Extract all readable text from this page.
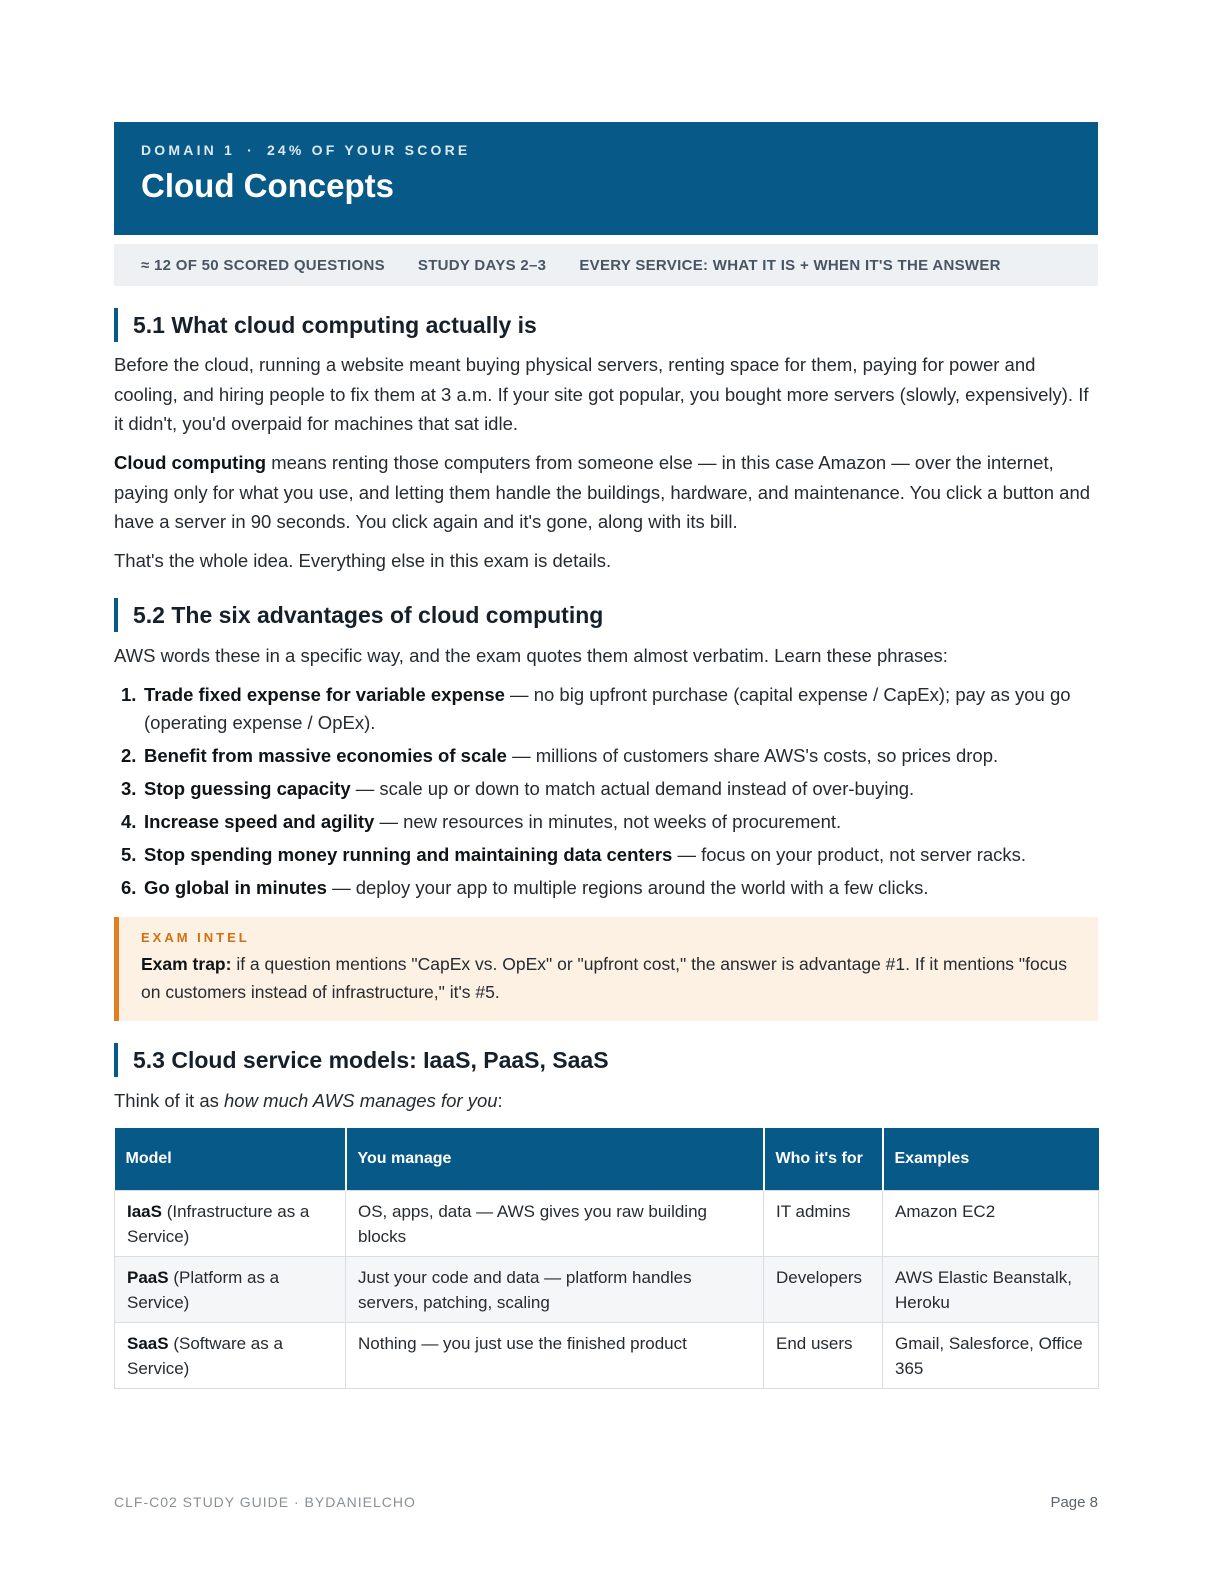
DOMAIN 1 · 24% OF YOUR SCORE
Cloud Concepts
≈ 12 OF 50 SCORED QUESTIONS STUDY DAYS 2–3 EVERY SERVICE: WHAT IT IS + WHEN IT'S THE ANSWER
5.1 What cloud computing actually is

Before the cloud, running a website meant buying physical servers, renting space for them, paying for power and cooling, and hiring people to fix them at 3 a.m. If your site got popular, you bought more servers (slowly, expensively). If it didn't, you'd overpaid for machines that sat idle.

Cloud computing means renting those computers from someone else — in this case Amazon — over the internet, paying only for what you use, and letting them handle the buildings, hardware, and maintenance. You click a button and have a server in 90 seconds. You click again and it's gone, along with its bill.

That's the whole idea. Everything else in this exam is details.

5.2 The six advantages of cloud computing

AWS words these in a specific way, and the exam quotes them almost verbatim. Learn these phrases:

1. Trade fixed expense for variable expense — no big upfront purchase (capital expense / CapEx); pay as you go (operating expense / OpEx).
2. Benefit from massive economies of scale — millions of customers share AWS's costs, so prices drop.
3. Stop guessing capacity — scale up or down to match actual demand instead of over-buying.
4. Increase speed and agility — new resources in minutes, not weeks of procurement.
5. Stop spending money running and maintaining data centers — focus on your product, not server racks.
6. Go global in minutes — deploy your app to multiple regions around the world with a few clicks.
EXAM INTEL

Exam trap: if a question mentions "CapEx vs. OpEx" or "upfront cost," the answer is advantage #1. If it mentions "focus on customers instead of infrastructure," it's #5.

5.3 Cloud service models: IaaS, PaaS, SaaS

Think of it as how much AWS manages for you:

Model	You manage	Who it's for	Examples
IaaS (Infrastructure as a Service)	OS, apps, data — AWS gives you raw building blocks	IT admins	Amazon EC2
PaaS (Platform as a Service)	Just your code and data — platform handles servers, patching, scaling	Developers	AWS Elastic Beanstalk, Heroku
SaaS (Software as a Service)	Nothing — you just use the finished product	End users	Gmail, Salesforce, Office 365
CLF-C02 STUDY GUIDE · BYDANIELCHO	Page 8
